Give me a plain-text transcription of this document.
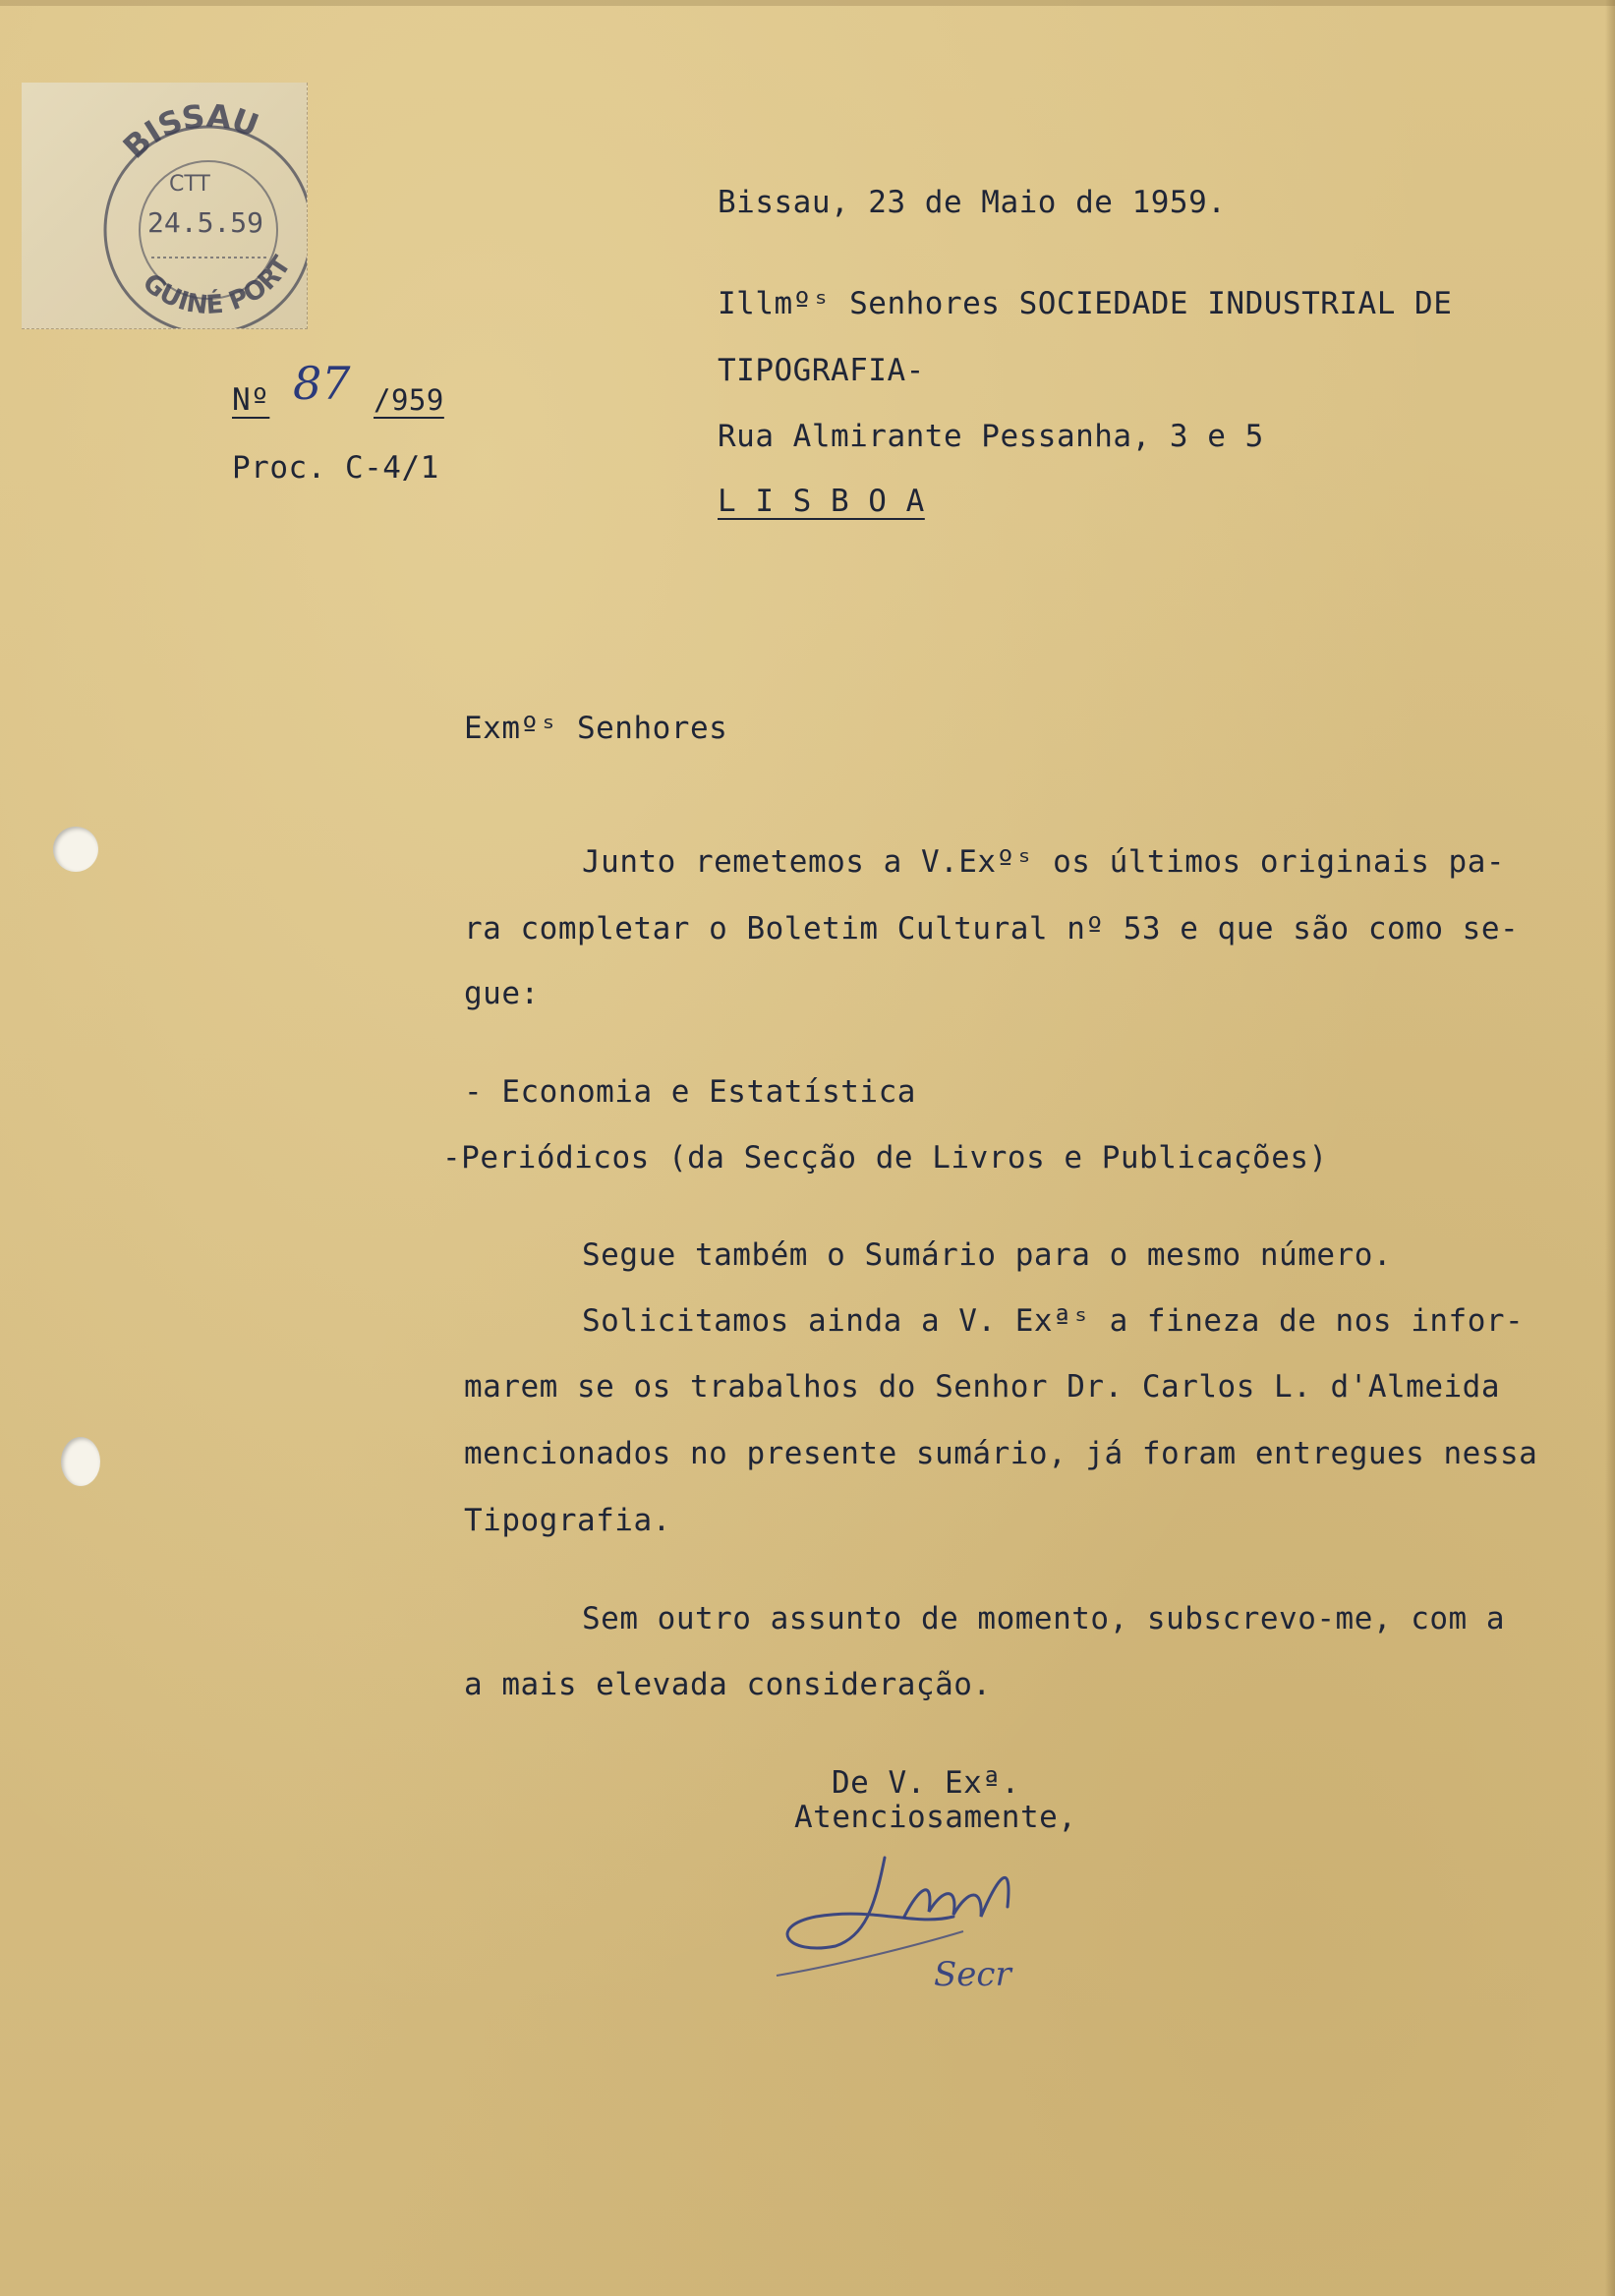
BISSAU
GUINÉ PORT
CTT
24.5.59
Nº 87 /959
Proc. C-4/1
Bissau, 23 de Maio de 1959.
Illmºˢ Senhores SOCIEDADE INDUSTRIAL DE
TIPOGRAFIA-
Rua Almirante Pessanha, 3 e 5
L I S B O A
Exmºˢ Senhores
Junto remetemos a V.Exºˢ os últimos originais pa-
ra completar o Boletim Cultural nº 53 e que são como se-
gue:
- Economia e Estatística
-Periódicos (da Secção de Livros e Publicações)
Segue também o Sumário para o mesmo número.
Solicitamos ainda a V. Exªˢ a fineza de nos infor-
marem se os trabalhos do Senhor Dr. Carlos L. d'Almeida
mencionados no presente sumário, já foram entregues nessa
Tipografia.
Sem outro assunto de momento, subscrevo-me, com a
a mais elevada consideração.
De V. Exª.
Atenciosamente,
Secr
